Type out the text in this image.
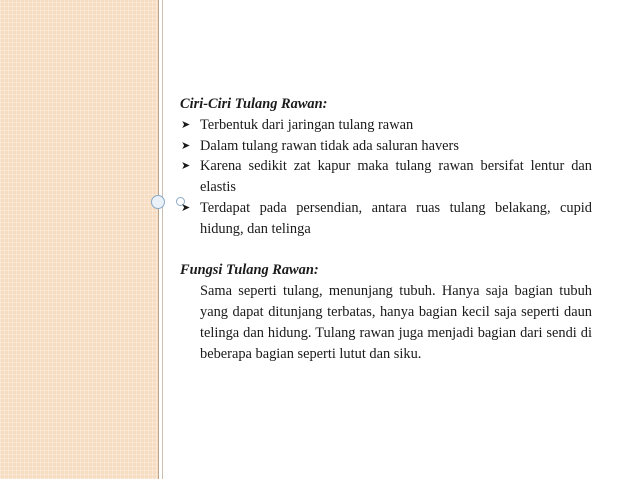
Ciri-Ciri Tulang Rawan:

➤ Terbentuk dari jaringan tulang rawan
➤ Dalam tulang rawan tidak ada saluran havers
➤ Karena sedikit zat kapur maka tulang rawan bersifat lentur dan elastis
➤ Terdapat pada persendian, antara ruas tulang belakang, cupid hidung, dan telinga

Fungsi Tulang Rawan:

Sama seperti tulang, menunjang tubuh. Hanya saja bagian tubuh yang dapat ditunjang terbatas, hanya bagian kecil saja seperti daun telinga dan hidung. Tulang rawan juga menjadi bagian dari sendi di beberapa bagian seperti lutut dan siku.
